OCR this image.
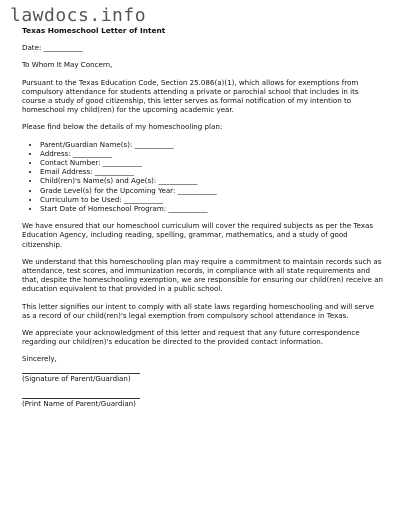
lawdocs.info
Texas Homeschool Letter of Intent

Date: ___________

To Whom It May Concern,

Pursuant to the Texas Education Code, Section 25.086(a)(1), which allows for exemptions from compulsory attendance for students attending a private or parochial school that includes in its course a study of good citizenship, this letter serves as formal notification of my intention to homeschool my child(ren) for the upcoming academic year.

Please find below the details of my homeschooling plan:

• Parent/Guardian Name(s): ___________
• Address: ___________
• Contact Number: ___________
• Email Address: ___________
• Child(ren)'s Name(s) and Age(s): ___________
• Grade Level(s) for the Upcoming Year: ___________
• Curriculum to be Used: ___________
• Start Date of Homeschool Program: ___________

We have ensured that our homeschool curriculum will cover the required subjects as per the Texas Education Agency, including reading, spelling, grammar, mathematics, and a study of good citizenship.

We understand that this homeschooling plan may require a commitment to maintain records such as attendance, test scores, and immunization records, in compliance with all state requirements and that, despite the homeschooling exemption, we are responsible for ensuring our child(ren) receive an education equivalent to that provided in a public school.

This letter signifies our intent to comply with all state laws regarding homeschooling and will serve as a record of our child(ren)'s legal exemption from compulsory school attendance in Texas.

We appreciate your acknowledgment of this letter and request that any future correspondence regarding our child(ren)'s education be directed to the provided contact information.

Sincerely,

(Signature of Parent/Guardian)
(Print Name of Parent/Guardian)
